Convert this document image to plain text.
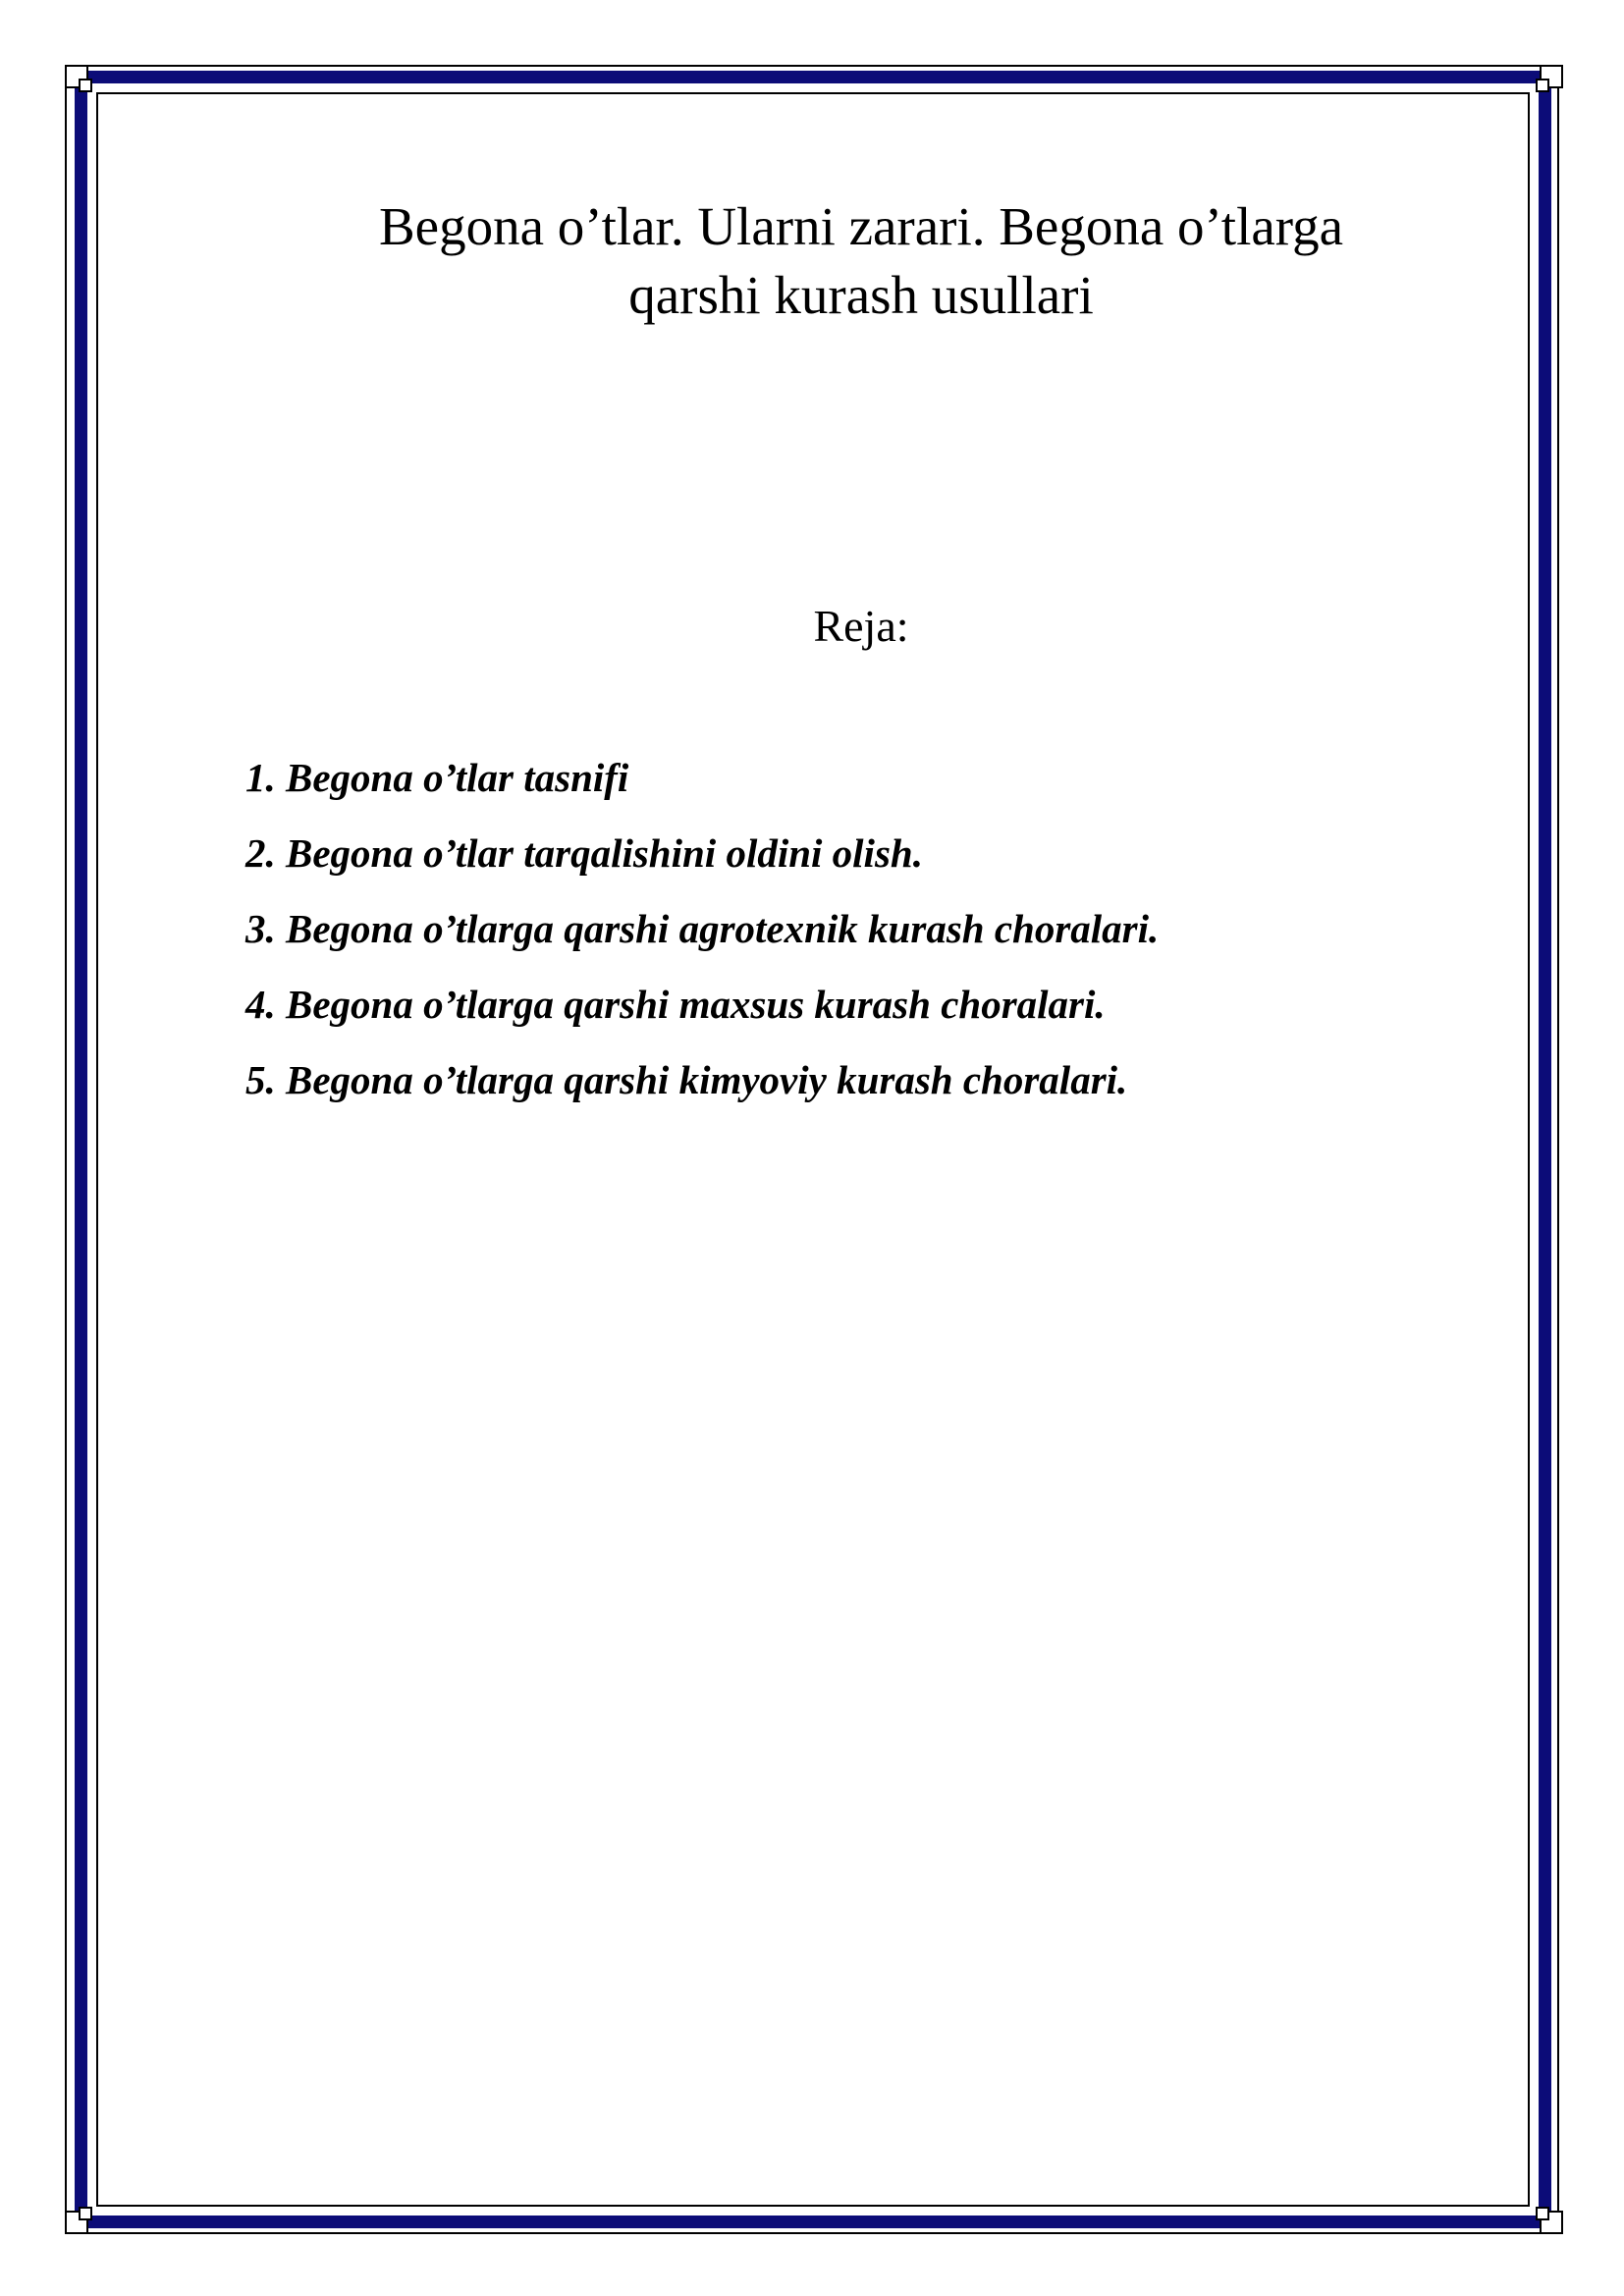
Begona o’tlar. Ularni zarari. Begona o’tlarga
qarshi kurash usullari
Reja:
1. Begona o’tlar tasnifi
2. Begona o’tlar tarqalishini oldini olish.
3. Begona o’tlarga qarshi agrotexnik kurash choralari.
4. Begona o’tlarga qarshi maxsus kurash choralari.
5. Begona o’tlarga qarshi kimyoviy kurash choralari.
